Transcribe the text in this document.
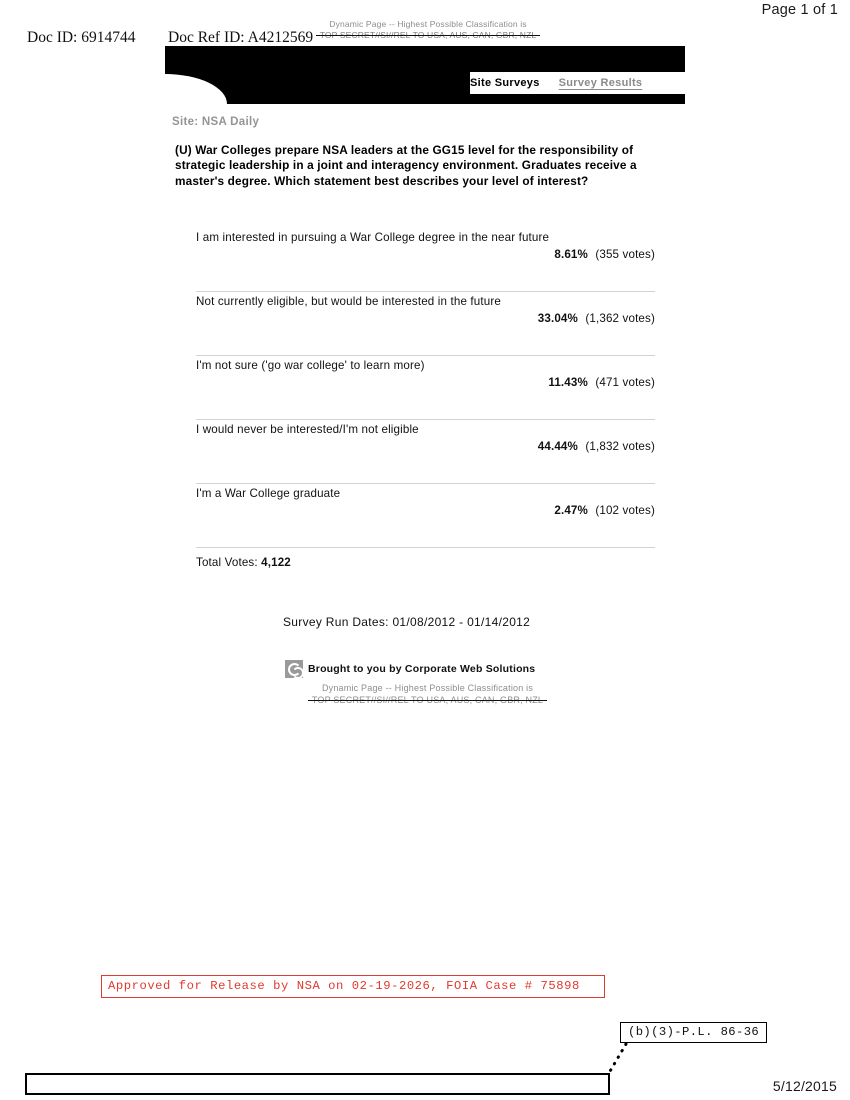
Page 1 of 1
Doc ID: 6914744 Doc Ref ID: A4212569
Dynamic Page -- Highest Possible Classification is
TOP SECRET//SI//REL TO USA, AUS, CAN, GBR, NZL
Site Surveys Survey Results
Site: NSA Daily
(U) War Colleges prepare NSA leaders at the GG15 level for the responsibility of strategic leadership in a joint and interagency environment. Graduates receive a master's degree. Which statement best describes your level of interest?
I am interested in pursuing a War College degree in the near future
8.61% (355 votes)
Not currently eligible, but would be interested in the future
33.04% (1,362 votes)
I'm not sure ('go war college' to learn more)
11.43% (471 votes)
I would never be interested/I'm not eligible
44.44% (1,832 votes)
I'm a War College graduate
2.47% (102 votes)
Total Votes: 4,122
Survey Run Dates: 01/08/2012 - 01/14/2012
Brought to you by Corporate Web Solutions
Dynamic Page -- Highest Possible Classification is
TOP SECRET//SI//REL TO USA, AUS, CAN, GBR, NZL
Approved for Release by NSA on 02-19-2026, FOIA Case # 75898
(b)(3)-P.L. 86-36
5/12/2015
